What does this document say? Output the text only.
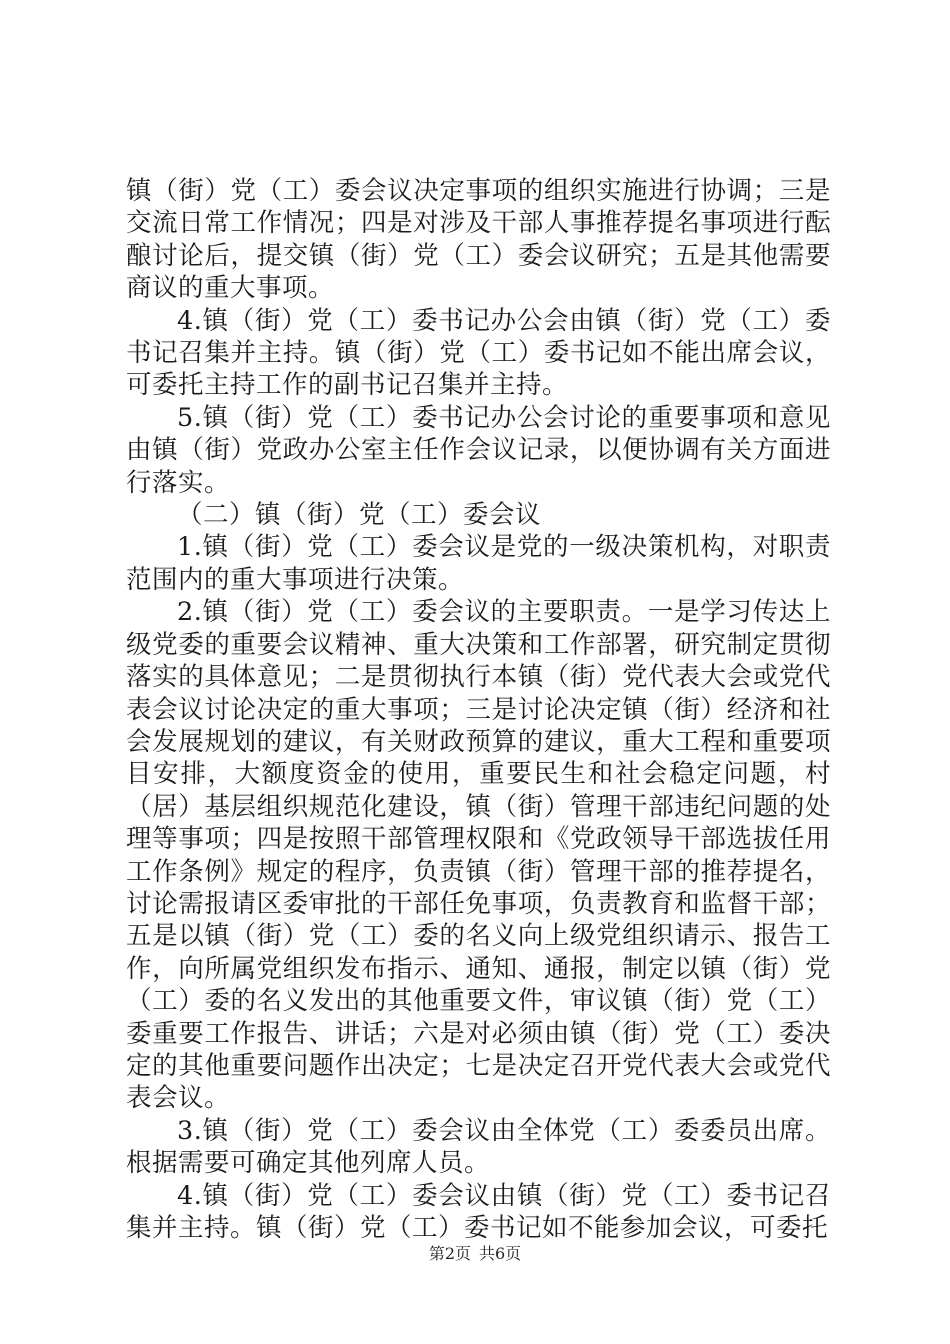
镇（街）党（工）委会议决定事项的组织实施进行协调；三是交流日常工作情况；四是对涉及干部人事推荐提名事项进行酝酿讨论后，提交镇（街）党（工）委会议研究；五是其他需要商议的重大事项。

4.镇（街）党（工）委书记办公会由镇（街）党（工）委书记召集并主持。镇（街）党（工）委书记如不能出席会议，可委托主持工作的副书记召集并主持。

5.镇（街）党（工）委书记办公会讨论的重要事项和意见由镇（街）党政办公室主任作会议记录，以便协调有关方面进行落实。

（二）镇（街）党（工）委会议

1.镇（街）党（工）委会议是党的一级决策机构，对职责范围内的重大事项进行决策。

2.镇（街）党（工）委会议的主要职责。一是学习传达上级党委的重要会议精神、重大决策和工作部署，研究制定贯彻落实的具体意见；二是贯彻执行本镇（街）党代表大会或党代表会议讨论决定的重大事项；三是讨论决定镇（街）经济和社会发展规划的建议，有关财政预算的建议，重大工程和重要项目安排，大额度资金的使用，重要民生和社会稳定问题，村（居）基层组织规范化建设，镇（街）管理干部违纪问题的处理等事项；四是按照干部管理权限和《党政领导干部选拔任用工作条例》规定的程序，负责镇（街）管理干部的推荐提名，讨论需报请区委审批的干部任免事项，负责教育和监督干部；五是以镇（街）党（工）委的名义向上级党组织请示、报告工作，向所属党组织发布指示、通知、通报，制定以镇（街）党（工）委的名义发出的其他重要文件，审议镇（街）党（工）委重要工作报告、讲话；六是对必须由镇（街）党（工）委决定的其他重要问题作出决定；七是决定召开党代表大会或党代表会议。

3.镇（街）党（工）委会议由全体党（工）委委员出席。根据需要可确定其他列席人员。

4.镇（街）党（工）委会议由镇（街）党（工）委书记召集并主持。镇（街）党（工）委书记如不能参加会议，可委托

第2页 共6页
